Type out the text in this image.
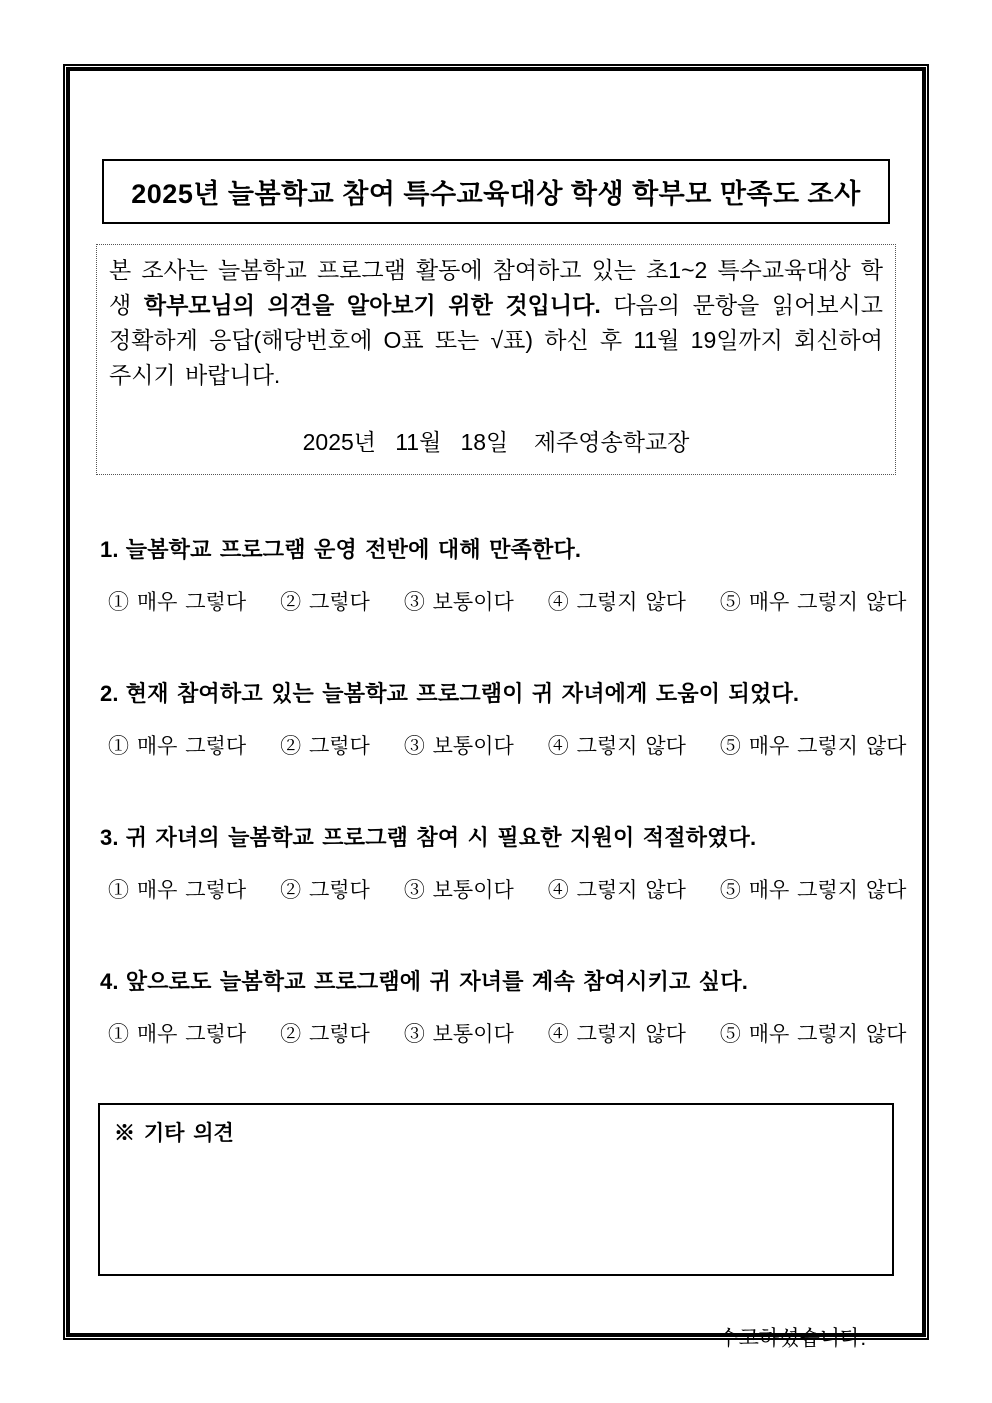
2025년 늘봄학교 참여 특수교육대상 학생 학부모 만족도 조사
본 조사는 늘봄학교 프로그램 활동에 참여하고 있는 초1~2 특수교육대상 학생 학부모님의 의견을 알아보기 위한 것입니다. 다음의 문항을 읽어보시고 정확하게 응답(해당번호에 O표 또는 √표) 하신 후 11월 19일까지 회신하여 주시기 바랍니다.
2025년   11월   18일    제주영송학교장
1. 늘봄학교 프로그램 운영 전반에 대해 만족한다.
① 매우 그렇다 ② 그렇다 ③ 보통이다 ④ 그렇지 않다 ⑤ 매우 그렇지 않다
2. 현재 참여하고 있는 늘봄학교 프로그램이 귀 자녀에게 도움이 되었다.
① 매우 그렇다 ② 그렇다 ③ 보통이다 ④ 그렇지 않다 ⑤ 매우 그렇지 않다
3. 귀 자녀의 늘봄학교 프로그램 참여 시 필요한 지원이 적절하였다.
① 매우 그렇다 ② 그렇다 ③ 보통이다 ④ 그렇지 않다 ⑤ 매우 그렇지 않다
4. 앞으로도 늘봄학교 프로그램에 귀 자녀를 계속 참여시키고 싶다.
① 매우 그렇다 ② 그렇다 ③ 보통이다 ④ 그렇지 않다 ⑤ 매우 그렇지 않다
※ 기타 의견
-- 수고하셨습니다. --
